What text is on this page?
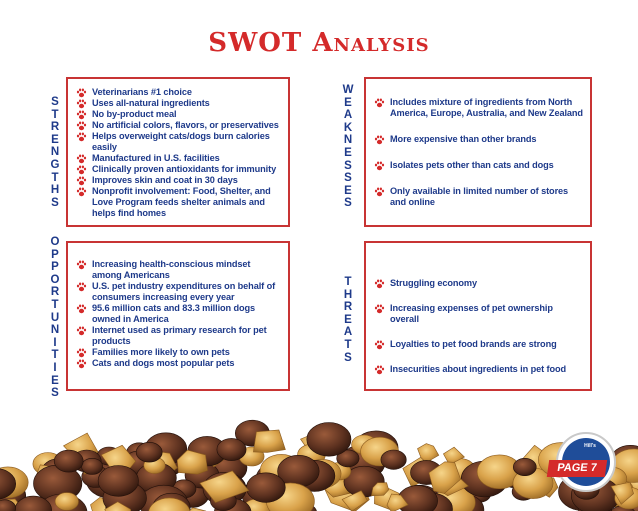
SWOT Analysis
S
T
R
E
N
G
T
H
S
W
E
A
K
N
E
S
S
E
S
O
P
P
O
R
T
U
N
I
T
I
E
S
T
H
R
E
A
T
S
Veterinarians #1 choice
Uses all-natural ingredients
No by-product meal
No artificial colors, flavors, or preservatives
Helps overweight cats/dogs burn calories easily
Manufactured in U.S. facilities
Clinically proven antioxidants for immunity
Improves skin and coat in 30 days
Nonprofit involvement: Food, Shelter, and Love Program feeds shelter animals and helps find homes
Includes mixture of ingredients from North America, Europe, Australia, and New Zealand
More expensive than other brands
Isolates pets other than cats and dogs
Only available in limited number of stores and online
Increasing health-conscious mindset among Americans
U.S. pet industry expenditures on behalf of consumers increasing every year
95.6 million cats and 83.3 million dogs owned in America
Internet used as primary research for pet products
Families more likely to own pets
Cats and dogs most popular pets
Struggling economy
Increasing expenses of pet ownership overall
Loyalties to pet food brands are strong
Insecurities about ingredients in pet food
Hill's
PAGE 7
